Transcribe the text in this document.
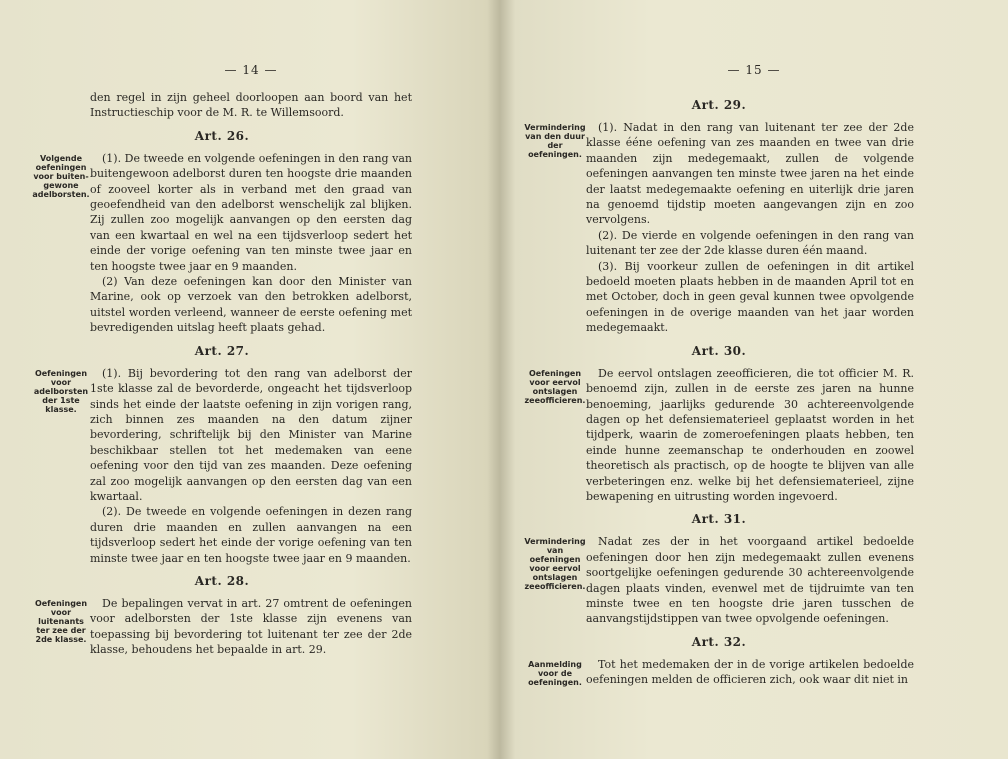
— 14 —

den regel in zijn geheel doorloopen aan boord van het Instructieschip voor de M. R. te Willemsoord.

Art. 26.
Volgende oefeningen voor buiten-gewone adelborsten.

(1). De tweede en volgende oefeningen in den rang van buitengewoon adelborst duren ten hoogste drie maanden of zooveel korter als in verband met den graad van geoefendheid van den adelborst wenschelijk zal blijken. Zij zullen zoo mogelijk aanvangen op den eersten dag van een kwartaal en wel na een tijdsverloop sedert het einde der vorige oefening van ten minste twee jaar en ten hoogste twee jaar en 9 maanden.

(2) Van deze oefeningen kan door den Minister van Marine, ook op verzoek van den betrokken adelborst, uitstel worden verleend, wanneer de eerste oefening met bevredigenden uitslag heeft plaats gehad.

Art. 27.
Oefeningen voor adelborsten der 1ste klasse.

(1). Bij bevordering tot den rang van adelborst der 1ste klasse zal de bevorderde, ongeacht het tijdsverloop sinds het einde der laatste oefening in zijn vorigen rang, zich binnen zes maanden na den datum zijner bevordering, schriftelijk bij den Minister van Marine beschikbaar stellen tot het medemaken van eene oefening voor den tijd van zes maanden. Deze oefening zal zoo mogelijk aanvangen op den eersten dag van een kwartaal.

(2). De tweede en volgende oefeningen in dezen rang duren drie maanden en zullen aanvangen na een tijdsverloop sedert het einde der vorige oefening van ten minste twee jaar en ten hoogste twee jaar en 9 maanden.

Art. 28.
Oefeningen voor luitenants ter zee der 2de klasse.

De bepalingen vervat in art. 27 omtrent de oefeningen voor adelborsten der 1ste klasse zijn evenens van toepassing bij bevordering tot luitenant ter zee der 2de klasse, behoudens het bepaalde in art. 29.

— 15 —
Art. 29.
Vermindering van den duur der oefeningen.

(1). Nadat in den rang van luitenant ter zee der 2de klasse ééne oefening van zes maanden en twee van drie maanden zijn medegemaakt, zullen de volgende oefeningen aanvangen ten minste twee jaren na het einde der laatst medegemaakte oefening en uiterlijk drie jaren na genoemd tijdstip moeten aangevangen zijn en zoo vervolgens.

(2). De vierde en volgende oefeningen in den rang van luitenant ter zee der 2de klasse duren één maand.

(3). Bij voorkeur zullen de oefeningen in dit artikel bedoeld moeten plaats hebben in de maanden April tot en met October, doch in geen geval kunnen twee opvolgende oefeningen in de overige maanden van het jaar worden medegemaakt.

Art. 30.
Oefeningen voor eervol ontslagen zeeofficieren.

De eervol ontslagen zeeofficieren, die tot officier M. R. benoemd zijn, zullen in de eerste zes jaren na hunne benoeming, jaarlijks gedurende 30 achtereenvolgende dagen op het defensiematerieel geplaatst worden in het tijdperk, waarin de zomeroefeningen plaats hebben, ten einde hunne zeemanschap te onderhouden en zoowel theoretisch als practisch, op de hoogte te blijven van alle verbeteringen enz. welke bij het defensiematerieel, zijne bewapening en uitrusting worden ingevoerd.

Art. 31.
Vermindering van oefeningen voor eervol ontslagen zeeofficieren.

Nadat zes der in het voorgaand artikel bedoelde oefeningen door hen zijn medegemaakt zullen evenens soortgelijke oefeningen gedurende 30 achtereenvolgende dagen plaats vinden, evenwel met de tijdruimte van ten minste twee en ten hoogste drie jaren tusschen de aanvangstijdstippen van twee opvolgende oefeningen.

Art. 32.
Aanmelding voor de oefeningen.

Tot het medemaken der in de vorige artikelen bedoelde oefeningen melden de officieren zich, ook waar dit niet in
